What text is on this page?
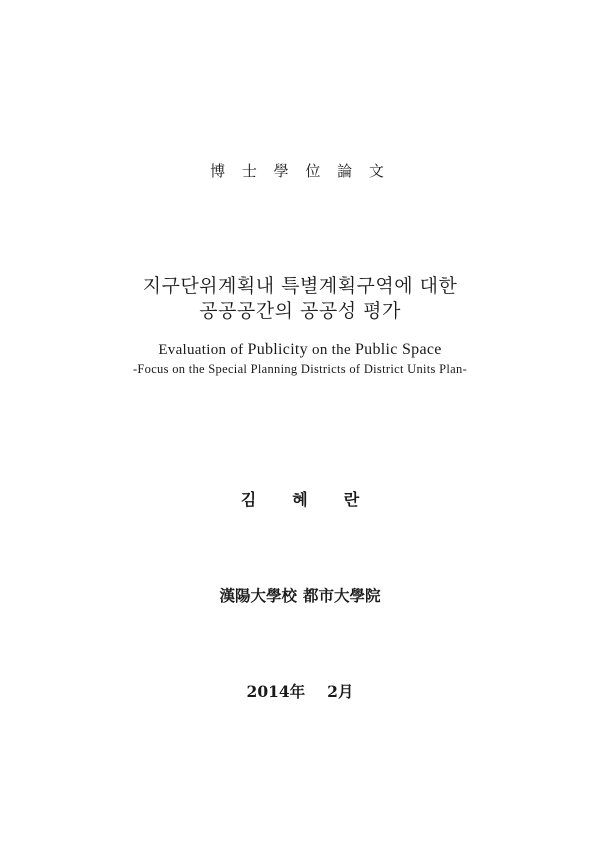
博 士 學 位 論 文
지구단위계획내 특별계획구역에 대한
공공공간의 공공성 평가
Evaluation of Publicity on the Public Space
-Focus on the Special Planning Districts of District Units Plan-
김 혜 란
漢陽大學校 都市大學院
2014年 2月
